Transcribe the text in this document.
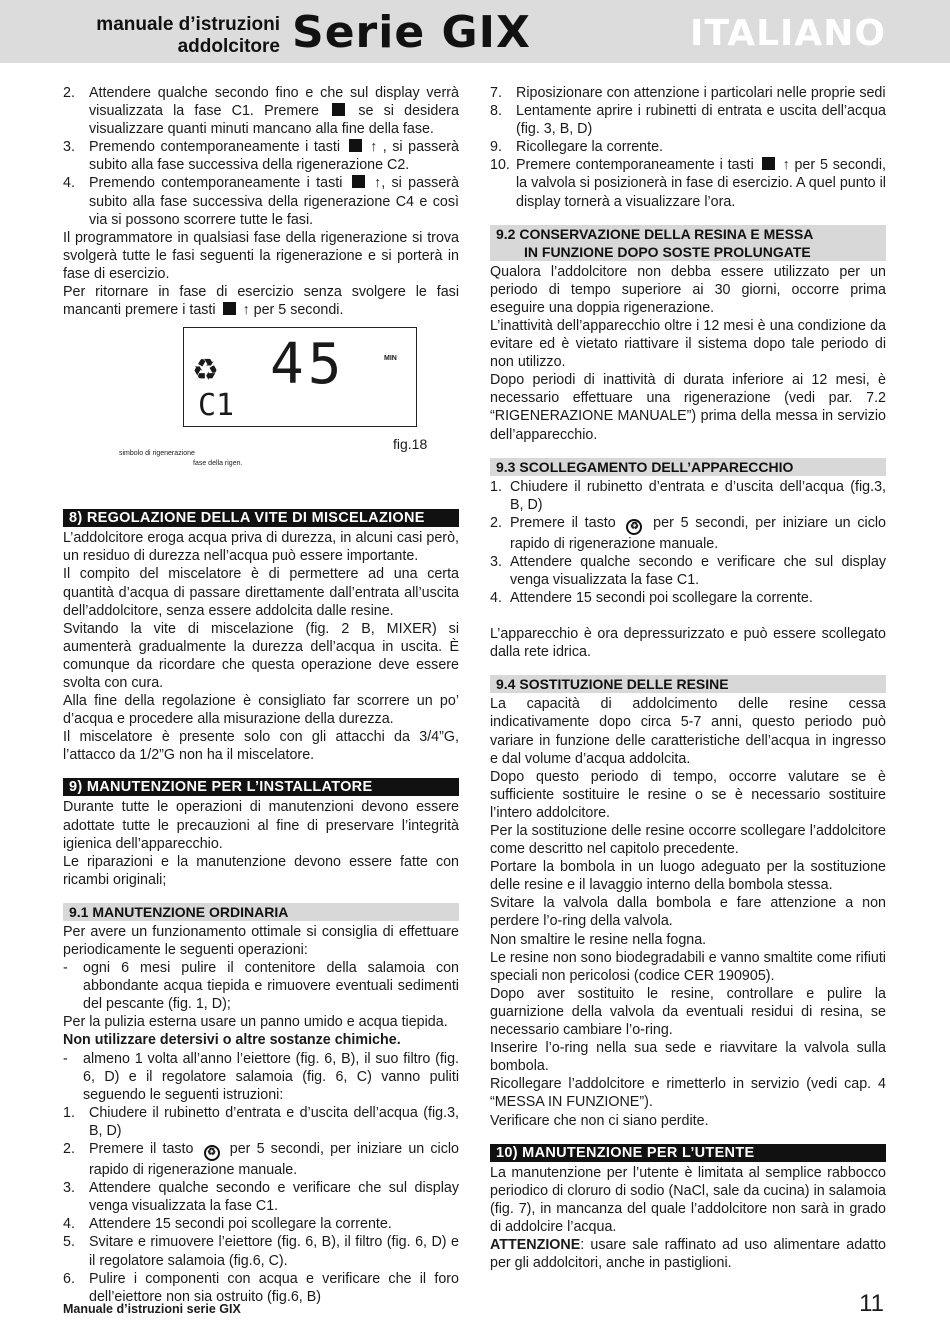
manuale d’istruzioni
addolcitore Serie GIX	ITALIANO
2. Attendere qualche secondo fino e che sul display verrà visualizzata la fase C1. Premere  se si desidera visualizzare quanti minuti mancano alla fine della fase.
3. Premendo contemporaneamente i tasti  ↑ , si passerà subito alla fase successiva della rigenerazione C2.
4. Premendo contemporaneamente i tasti  ↑, si passerà subito alla fase successiva della rigenerazione C4 e così via si possono scorrere tutte le fasi.

Il programmatore in qualsiasi fase della rigenerazione si trova svolgerà tutte le fasi seguenti la rigenerazione e si porterà in fase di esercizio.

Per ritornare in fase di esercizio senza svolgere le fasi mancanti premere i tasti  ↑ per 5 secondi.

♻ 45	MIN
C1
simbolo di rigenerazione
fase della rigen.
fig.18
8) REGOLAZIONE DELLA VITE DI MISCELAZIONE

L’addolcitore eroga acqua priva di durezza, in alcuni casi però, un residuo di durezza nell’acqua può essere importante.

Il compito del miscelatore è di permettere ad una certa quantità d’acqua di passare direttamente dall’entrata all’uscita dell’addolcitore, senza essere addolcita dalle resine.

Svitando la vite di miscelazione (fig. 2 B, MIXER) si aumenterà gradualmente la durezza dell’acqua in uscita. È comunque da ricordare che questa operazione deve essere svolta con cura.

Alla fine della regolazione è consigliato far scorrere un po’ d’acqua e procedere alla misurazione della durezza.

Il miscelatore è presente solo con gli attacchi da 3/4”G, l’attacco da 1/2”G non ha il miscelatore.

9) MANUTENZIONE PER L’INSTALLATORE

Durante tutte le operazioni di manutenzioni devono essere adottate tutte le precauzioni al fine di preservare l’integrità igienica dell’apparecchio.

Le riparazioni e la manutenzione devono essere fatte con ricambi originali;

9.1 MANUTENZIONE ORDINARIA

Per avere un funzionamento ottimale si consiglia di effettuare periodicamente le seguenti operazioni:

- ogni 6 mesi pulire il contenitore della salamoia con abbondante acqua tiepida e rimuovere eventuali sedimenti del pescante (fig. 1, D);

Per la pulizia esterna usare un panno umido e acqua tiepida.

Non utilizzare detersivi o altre sostanze chimiche.

- almeno 1 volta all’anno l’eiettore (fig. 6, B), il suo filtro (fig. 6, D) e il regolatore salamoia (fig. 6, C) vanno puliti seguendo le seguenti istruzioni:
1. Chiudere il rubinetto d’entrata e d’uscita dell’acqua (fig.3, B, D)
2. Premere il tasto ♻ per 5 secondi, per iniziare un ciclo rapido di rigenerazione manuale.
3. Attendere qualche secondo e verificare che sul display venga visualizzata la fase C1.
4. Attendere 15 secondi poi scollegare la corrente.
5. Svitare e rimuovere l’eiettore (fig. 6, B), il filtro (fig. 6, D) e il regolatore salamoia (fig.6, C).
6. Pulire i componenti con acqua e verificare che il foro dell’eiettore non sia ostruito (fig.6, B)
7. Riposizionare con attenzione i particolari nelle proprie sedi
8. Lentamente aprire i rubinetti di entrata e uscita dell’acqua (fig. 3, B, D)
9. Ricollegare la corrente.
10. Premere contemporaneamente i tasti  ↑ per 5 secondi, la valvola si posizionerà in fase di esercizio. A quel punto il display tornerà a visualizzare l’ora.
9.2 CONSERVAZIONE DELLA RESINA E MESSA
IN FUNZIONE DOPO SOSTE PROLUNGATE

Qualora l’addolcitore non debba essere utilizzato per un periodo di tempo superiore ai 30 giorni, occorre prima eseguire una doppia rigenerazione.

L’inattività dell’apparecchio oltre i 12 mesi è una condizione da evitare ed è vietato riattivare il sistema dopo tale periodo di non utilizzo.

Dopo periodi di inattività di durata inferiore ai 12 mesi, è necessario effettuare una rigenerazione (vedi par. 7.2 “RIGENERAZIONE MANUALE”) prima della messa in servizio dell’apparecchio.

9.3 SCOLLEGAMENTO DELL’APPARECCHIO
1. Chiudere il rubinetto d’entrata e d’uscita dell’acqua (fig.3, B, D)
2. Premere il tasto ♻ per 5 secondi, per iniziare un ciclo rapido di rigenerazione manuale.
3. Attendere qualche secondo e verificare che sul display venga visualizzata la fase C1.
4. Attendere 15 secondi poi scollegare la corrente.

L’apparecchio è ora depressurizzato e può essere scollegato dalla rete idrica.

9.4 SOSTITUZIONE DELLE RESINE

La capacità di addolcimento delle resine cessa indicativamente dopo circa 5-7 anni, questo periodo può variare in funzione delle caratteristiche dell’acqua in ingresso e dal volume d’acqua addolcita.

Dopo questo periodo di tempo, occorre valutare se è sufficiente sostituire le resine o se è necessario sostituire l’intero addolcitore.

Per la sostituzione delle resine occorre scollegare l’addolcitore come descritto nel capitolo precedente.

Portare la bombola in un luogo adeguato per la sostituzione delle resine e il lavaggio interno della bombola stessa.

Svitare la valvola dalla bombola e fare attenzione a non perdere l’o-ring della valvola.

Non smaltire le resine nella fogna.

Le resine non sono biodegradabili e vanno smaltite come rifiuti speciali non pericolosi (codice CER 190905).

Dopo aver sostituito le resine, controllare e pulire la guarnizione della valvola da eventuali residui di resina, se necessario cambiare l’o-ring.

Inserire l’o-ring nella sua sede e riavvitare la valvola sulla bombola.

Ricollegare l’addolcitore e rimetterlo in servizio (vedi cap. 4 “MESSA IN FUNZIONE”).

Verificare che non ci siano perdite.

10) MANUTENZIONE PER L’UTENTE

La manutenzione per l’utente è limitata al semplice rabbocco periodico di cloruro di sodio (NaCl, sale da cucina) in salamoia (fig. 7), in mancanza del quale l’addolcitore non sarà in grado di addolcire l’acqua.

ATTENZIONE: usare sale raffinato ad uso alimentare adatto per gli addolcitori, anche in pastiglioni.

Manuale d’istruzioni serie GIX	11
